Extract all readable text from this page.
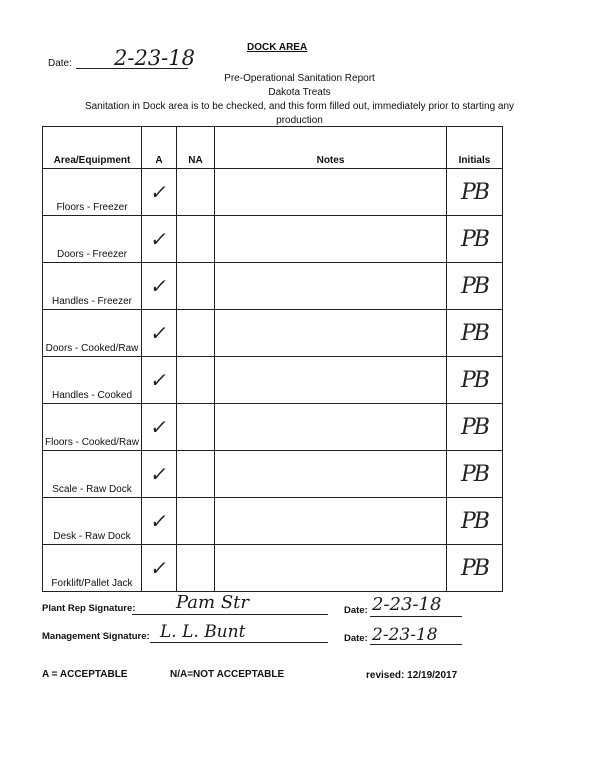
DOCK AREA
Date: 2-23-18
Pre-Operational Sanitation Report
Dakota Treats
Sanitation in Dock area is to be checked, and this form filled out, immediately prior to starting any
production
Area/Equipment	A	NA	Notes	Initials
Floors - Freezer	✓			PB
Doors - Freezer	✓			PB
Handles - Freezer	✓			PB
Doors - Cooked/Raw	✓			PB
Handles - Cooked	✓			PB
Floors - Cooked/Raw	✓			PB
Scale - Raw Dock	✓			PB
Desk - Raw Dock	✓			PB
Forklift/Pallet Jack	✓			PB
Plant Rep Signature: Pam Str	Date: 2-23-18
Management Signature: L. L. Bunt	Date: 2-23-18
A = ACCEPTABLE	N/A=NOT ACCEPTABLE	revised: 12/19/2017
